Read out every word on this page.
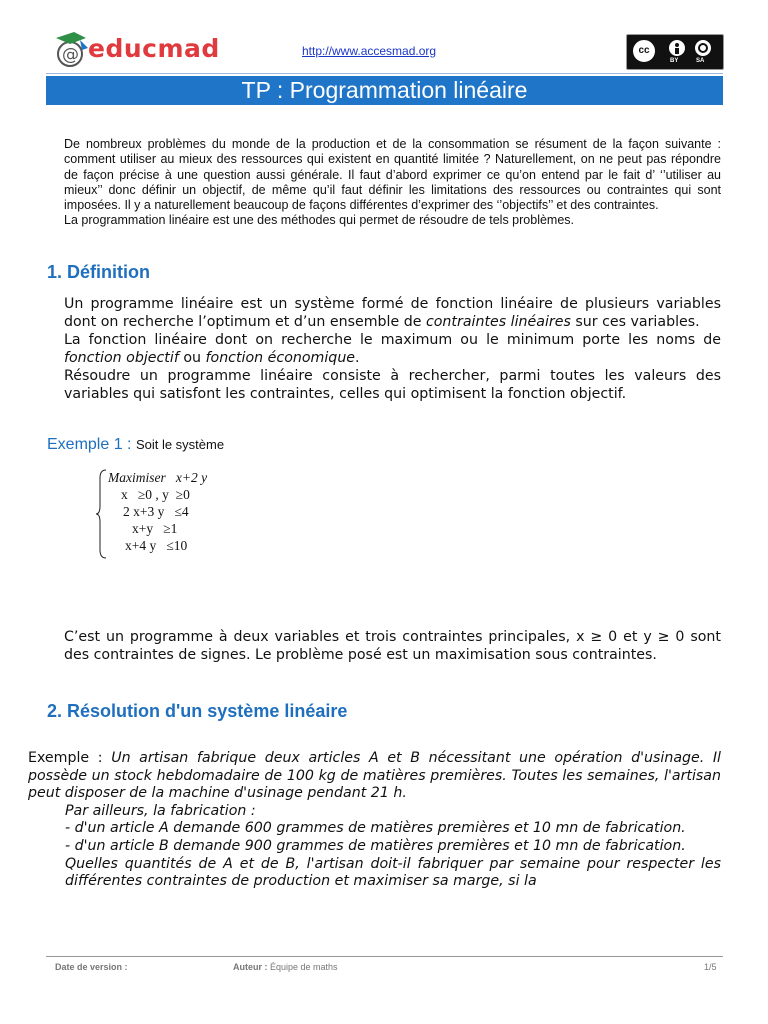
@ educmad	http://www.accesmad.org	cc
BY	SA
TP : Programmation linéaire
De nombreux problèmes du monde de la production et de la consommation se résument de la façon suivante : comment utiliser au mieux des ressources qui existent en quantité limitée ? Naturellement, on ne peut pas répondre de façon précise à une question aussi générale. Il faut d’abord exprimer ce qu’on entend par le fait d’ ‘’utiliser au mieux’’ donc définir un objectif, de même qu’il faut définir les limitations des ressources ou contraintes qui sont imposées. Il y a naturellement beaucoup de façons différentes d’exprimer des ‘’objectifs’’ et des contraintes.
La programmation linéaire est une des méthodes qui permet de résoudre de tels problèmes.
1. Définition
Un programme linéaire est un système formé de fonction linéaire de plusieurs variables dont on recherche l’optimum et d’un ensemble de contraintes linéaires sur ces variables.
La fonction linéaire dont on recherche le maximum ou le minimum porte les noms de fonction objectif ou fonction économique.
Résoudre un programme linéaire consiste à rechercher, parmi toutes les valeurs des variables qui satisfont les contraintes, celles qui optimisent la fonction objectif.
Exemple 1 : Soit le système
Maximiser   x+2 y
x   ≥0 , y  ≥0
2 x+3 y   ≤4
x+y   ≥1
x+4 y   ≤10
C’est un programme à deux variables et trois contraintes principales, x ≥ 0 et y ≥ 0 sont des contraintes de signes. Le problème posé est un maximisation sous contraintes.
2. Résolution d'un système linéaire
Exemple : Un artisan fabrique deux articles A et B nécessitant une opération d'usinage. Il possède un stock hebdomadaire de 100 kg de matières premières. Toutes les semaines, l'artisan peut disposer de la machine d'usinage pendant 21 h.
Par ailleurs, la fabrication :
- d'un article A demande 600 grammes de matières premières et 10 mn de fabrication.
- d'un article B demande 900 grammes de matières premières et 10 mn de fabrication.
Quelles quantités de A et de B, l'artisan doit-il fabriquer par semaine pour respecter les différentes contraintes de production et maximiser sa marge, si la
Date de version :	Auteur : Équipe de maths	1/5
